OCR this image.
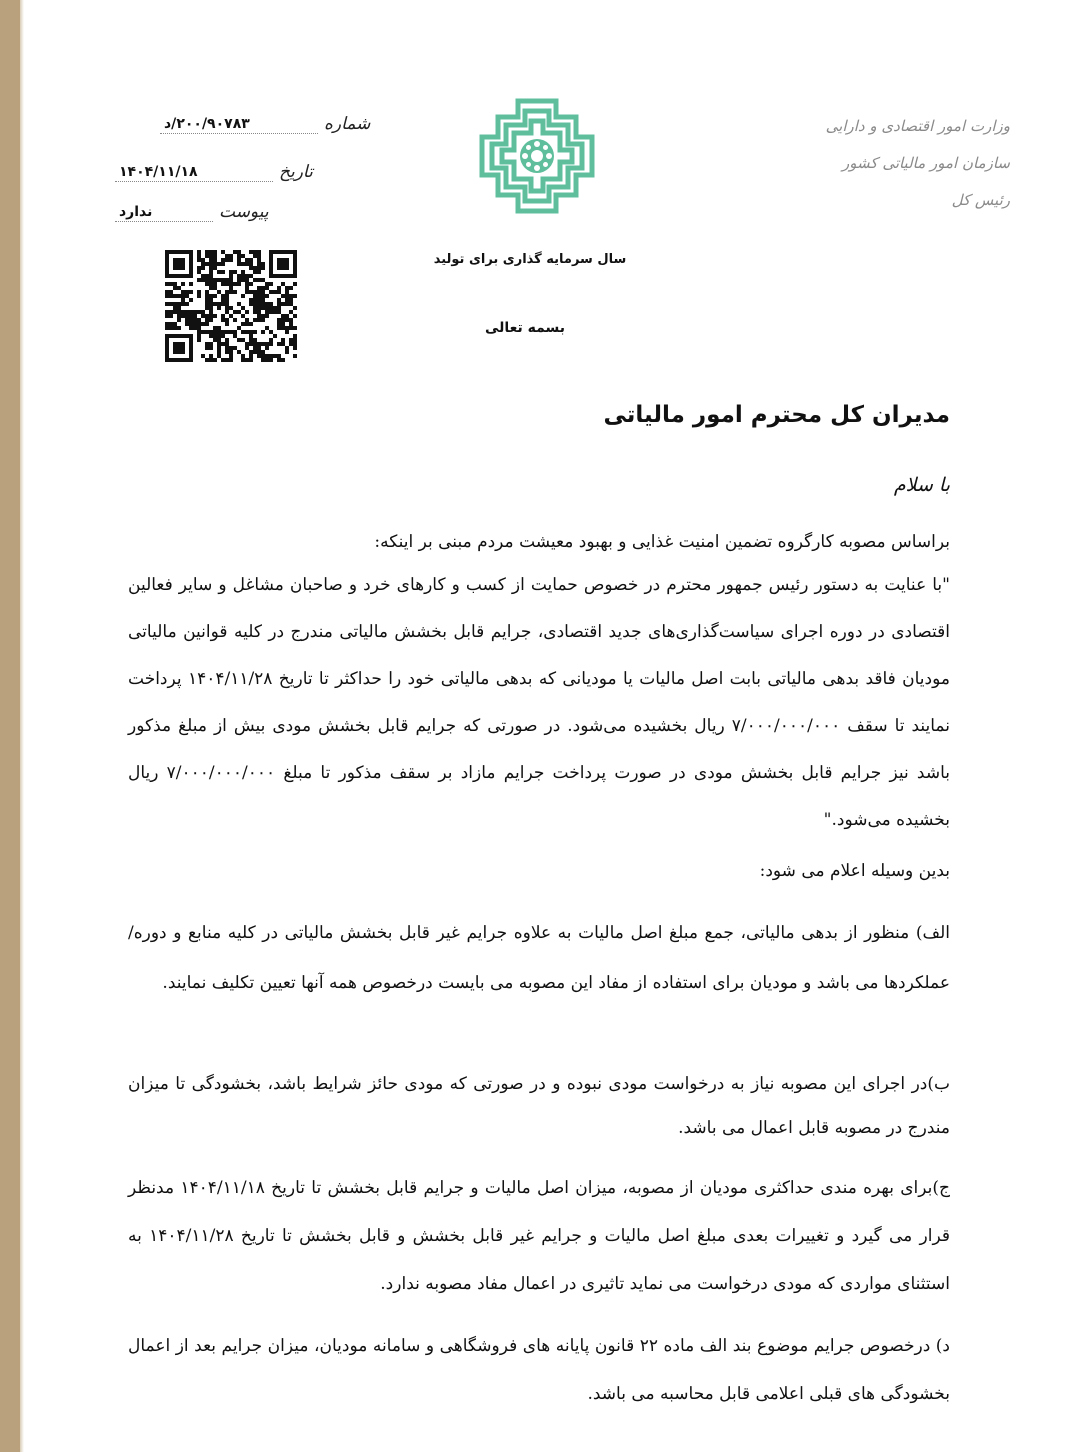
شماره
۲۰۰/۹۰۷۸۳/د
تاریخ
۱۴۰۴/۱۱/۱۸
پیوست
ندارد
سال سرمایه گذاری برای تولید
بسمه تعالی
وزارت امور اقتصادی و دارایی
سازمان امور مالیاتی کشور
رئیس کل
مدیران کل محترم امور مالیاتی
با سلام
براساس مصوبه کارگروه تضمین امنیت غذایی و بهبود معیشت مردم مبنی بر اینکه:
"با عنایت به دستور رئیس جمهور محترم در خصوص حمایت از کسب و کارهای خرد و صاحبان مشاغل و سایر فعالین اقتصادی در دوره اجرای سیاست‌گذاری‌های جدید اقتصادی، جرایم قابل بخشش مالیاتی مندرج در کلیه قوانین مالیاتی مودیان فاقد بدهی مالیاتی بابت اصل مالیات یا مودیانی که بدهی مالیاتی خود را حداکثر تا تاریخ ۱۴۰۴/۱۱/۲۸ پرداخت نمایند تا سقف ۷/۰۰۰/۰۰۰/۰۰۰ ریال بخشیده می‌شود. در صورتی که جرایم قابل بخشش مودی بیش از مبلغ مذکور باشد نیز جرایم قابل بخشش مودی در صورت پرداخت جرایم مازاد بر سقف مذکور تا مبلغ ۷/۰۰۰/۰۰۰/۰۰۰ ریال بخشیده می‌شود."
بدین وسیله اعلام می شود:
الف) منظور از بدهی مالیاتی، جمع مبلغ اصل مالیات به علاوه جرایم غیر قابل بخشش مالیاتی در کلیه منابع و دوره/عملکردها می باشد و مودیان برای استفاده از مفاد این مصوبه می بایست درخصوص همه آنها تعیین تکلیف نمایند.
ب)در اجرای این مصوبه نیاز به درخواست مودی نبوده و در صورتی که مودی حائز شرایط باشد، بخشودگی تا میزان مندرج در مصوبه قابل اعمال می باشد.
ج)برای بهره مندی حداکثری مودیان از مصوبه، میزان اصل مالیات و جرایم قابل بخشش تا تاریخ ۱۴۰۴/۱۱/۱۸ مدنظر قرار می گیرد و تغییرات بعدی مبلغ اصل مالیات و جرایم غیر قابل بخشش و قابل بخشش تا تاریخ ۱۴۰۴/۱۱/۲۸ به استثنای مواردی که مودی درخواست می نماید تاثیری در اعمال مفاد مصوبه ندارد.
د) درخصوص جرایم موضوع بند الف ماده ۲۲ قانون پایانه های فروشگاهی و سامانه مودیان، میزان جرایم بعد از اعمال بخشودگی های قبلی اعلامی قابل محاسبه می باشد.
